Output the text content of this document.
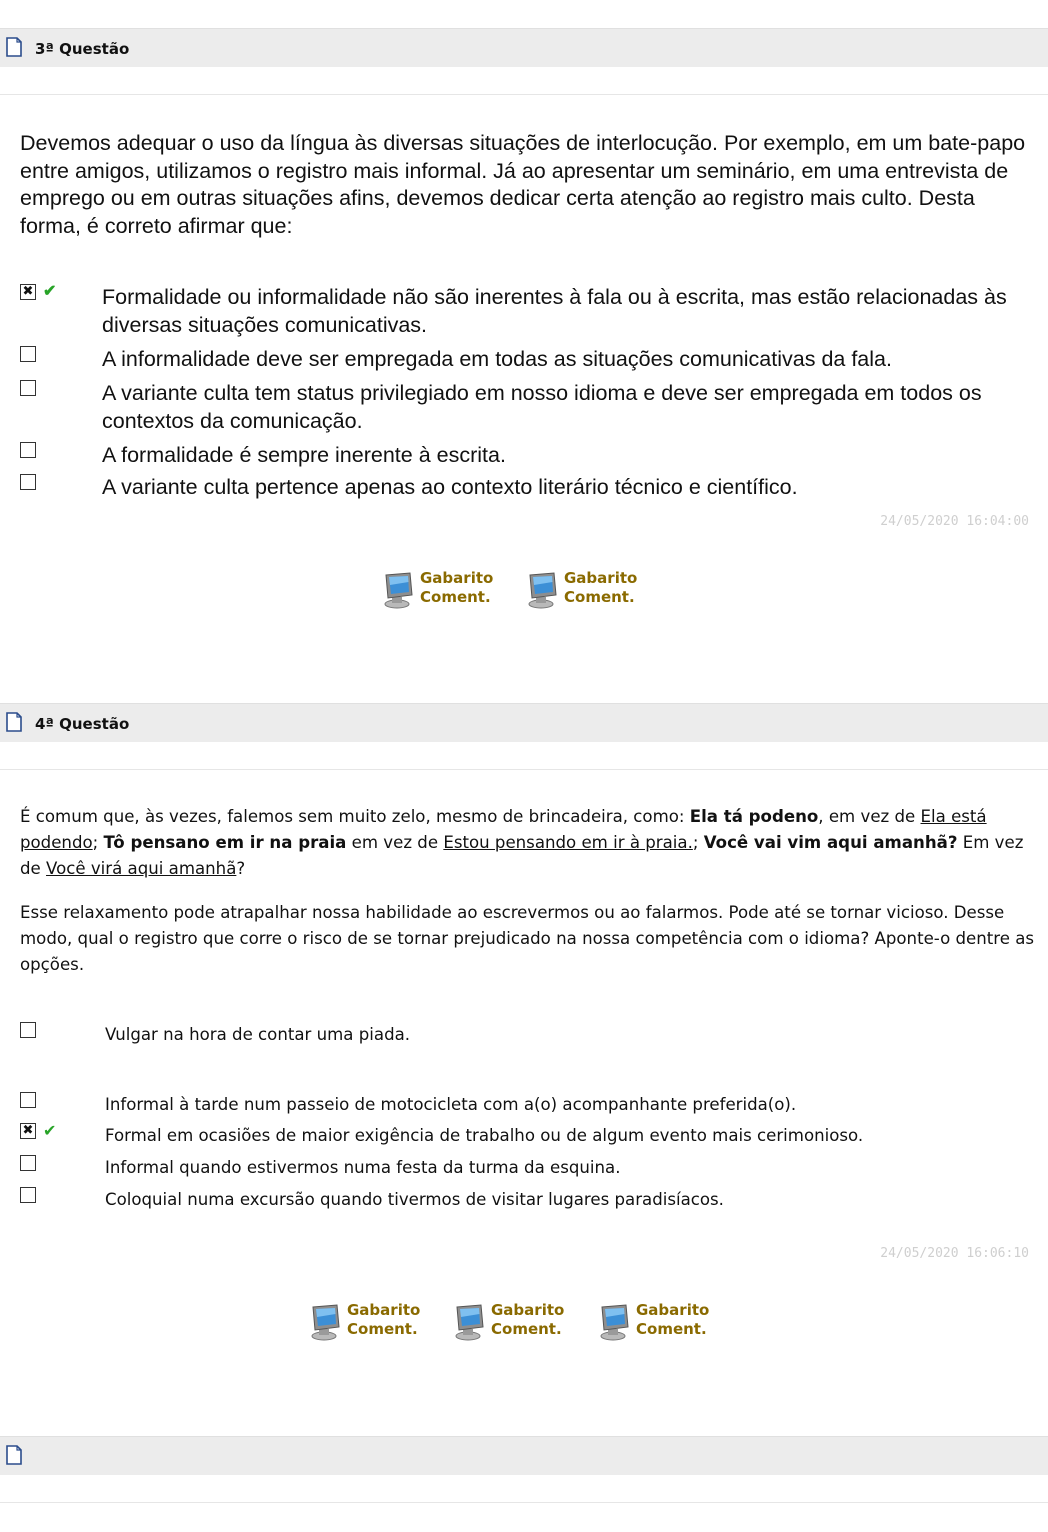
3ª Questão
Devemos adequar o uso da língua às diversas situações de interlocução. Por exemplo, em um bate-papo entre amigos, utilizamos o registro mais informal. Já ao apresentar um seminário, em uma entrevista de emprego ou em outras situações afins, devemos dedicar certa atenção ao registro mais culto. Desta forma, é correto afirmar que:
✖ ✔ Formalidade ou informalidade não são inerentes à fala ou à escrita, mas estão relacionadas às diversas situações comunicativas.
A informalidade deve ser empregada em todas as situações comunicativas da fala.
A variante culta tem status privilegiado em nosso idioma e deve ser empregada em todos os contextos da comunicação.
A formalidade é sempre inerente à escrita.
A variante culta pertence apenas ao contexto literário técnico e científico.
24/05/2020 16:04:00
Gabarito
Coment.
Gabarito
Coment.
4ª Questão
É comum que, às vezes, falemos sem muito zelo, mesmo de brincadeira, como: Ela tá podeno, em vez de Ela está podendo; Tô pensano em ir na praia em vez de Estou pensando em ir à praia.; Você vai vim aqui amanhã? Em vez de Você virá aqui amanhã?
Esse relaxamento pode atrapalhar nossa habilidade ao escrevermos ou ao falarmos. Pode até se tornar vicioso. Desse modo, qual o registro que corre o risco de se tornar prejudicado na nossa competência com o idioma? Aponte-o dentre as opções.
Vulgar na hora de contar uma piada.
Informal à tarde num passeio de motocicleta com a(o) acompanhante preferida(o).
✖ ✔	Formal em ocasiões de maior exigência de trabalho ou de algum evento mais cerimonioso.
Informal quando estivermos numa festa da turma da esquina.
Coloquial numa excursão quando tivermos de visitar lugares paradisíacos.
24/05/2020 16:06:10
Gabarito
Coment.
Gabarito
Coment.
Gabarito
Coment.
